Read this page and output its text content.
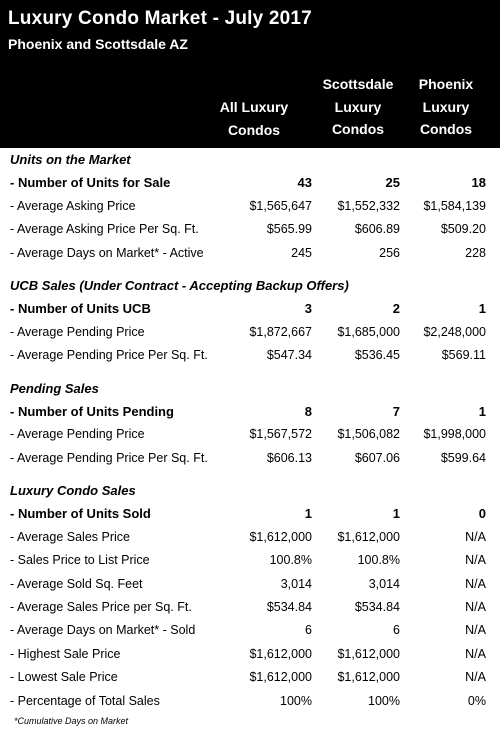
Luxury Condo Market - July 2017
Phoenix and Scottsdale AZ
All Luxury
Condos
Scottsdale
Luxury
Condos
Phoenix
Luxury
Condos
Units on the Market
- Number of Units for Sale	43	25	18
- Average Asking Price	$1,565,647 $1,552,332 $1,584,139
- Average Asking Price Per Sq. Ft.	$565.99	$606.89	$509.20
- Average Days on Market* - Active	245	256	228
UCB Sales (Under Contract - Accepting Backup Offers)
- Number of Units UCB	3	2	1
- Average Pending Price	$1,872,667 $1,685,000 $2,248,000
- Average Pending Price Per Sq. Ft.	$547.34	$536.45	$569.11
Pending Sales
- Number of Units Pending	8	7	1
- Average Pending Price	$1,567,572 $1,506,082 $1,998,000
- Average Pending Price Per Sq. Ft.	$606.13	$607.06	$599.64
Luxury Condo Sales
- Number of Units Sold	1	1	0
- Average Sales Price	$1,612,000 $1,612,000	N/A
- Sales Price to List Price	100.8%	100.8%	N/A
- Average Sold Sq. Feet	3,014	3,014	N/A
- Average Sales Price per Sq. Ft.	$534.84	$534.84	N/A
- Average Days on Market* - Sold	6	6	N/A
- Highest Sale Price	$1,612,000 $1,612,000	N/A
- Lowest Sale Price	$1,612,000 $1,612,000	N/A
- Percentage of Total Sales	100%	100%	0%
*Cumulative Days on Market
